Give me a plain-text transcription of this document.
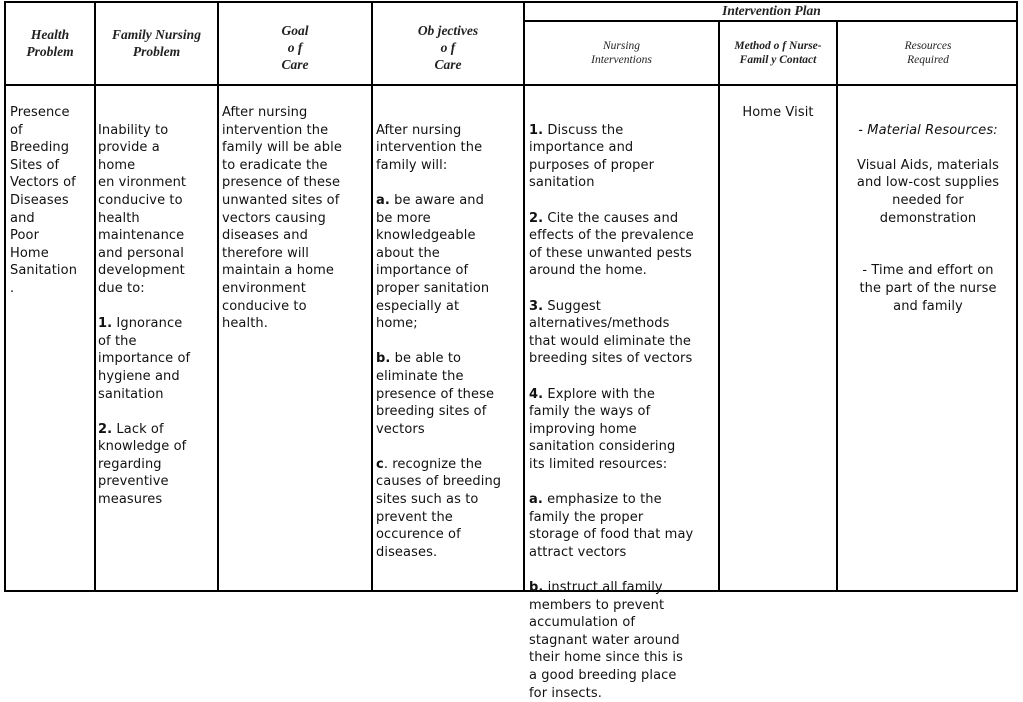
Health
Problem
Family Nursing
Problem
Goal
o f
Care
Ob jectives
o f
Care
Intervention Plan
Nursing
Interventions
Method o f Nurse-
Famil y Contact
Resources
Required
Presence
of
Breeding
Sites of
Vectors of
Diseases
and
Poor
Home
Sanitation
.

Inability to
provide a
home
en vironment
conducive to
health
maintenance
and personal
development
due to:

1. Ignorance
of the
importance of
hygiene and
sanitation

2. Lack of
knowledge of
regarding
preventive
measures

After nursing
intervention the
family will be able
to eradicate the
presence of these
unwanted sites of
vectors causing
diseases and
therefore will
maintain a home
environment
conducive to
health.

After nursing
intervention the
family will:

a. be aware and
be more
knowledgeable
about the
importance of
proper sanitation
especially at
home;

b. be able to
eliminate the
presence of these
breeding sites of
vectors

c. recognize the
causes of breeding
sites such as to
prevent the
occurence of
diseases.

1. Discuss the
importance and
purposes of proper
sanitation

2. Cite the causes and
effects of the prevalence
of these unwanted pests
around the home.

3. Suggest
alternatives/methods
that would eliminate the
breeding sites of vectors

4. Explore with the
family the ways of
improving home
sanitation considering
its limited resources:

a. emphasize to the
family the proper
storage of food that may
attract vectors

b. instruct all family
members to prevent
accumulation of
stagnant water around
their home since this is
a good breeding place
for insects.

Home Visit

- Material Resources:

Visual Aids, materials
and low-cost supplies
needed for
demonstration

- Time and effort on
the part of the nurse
and family
